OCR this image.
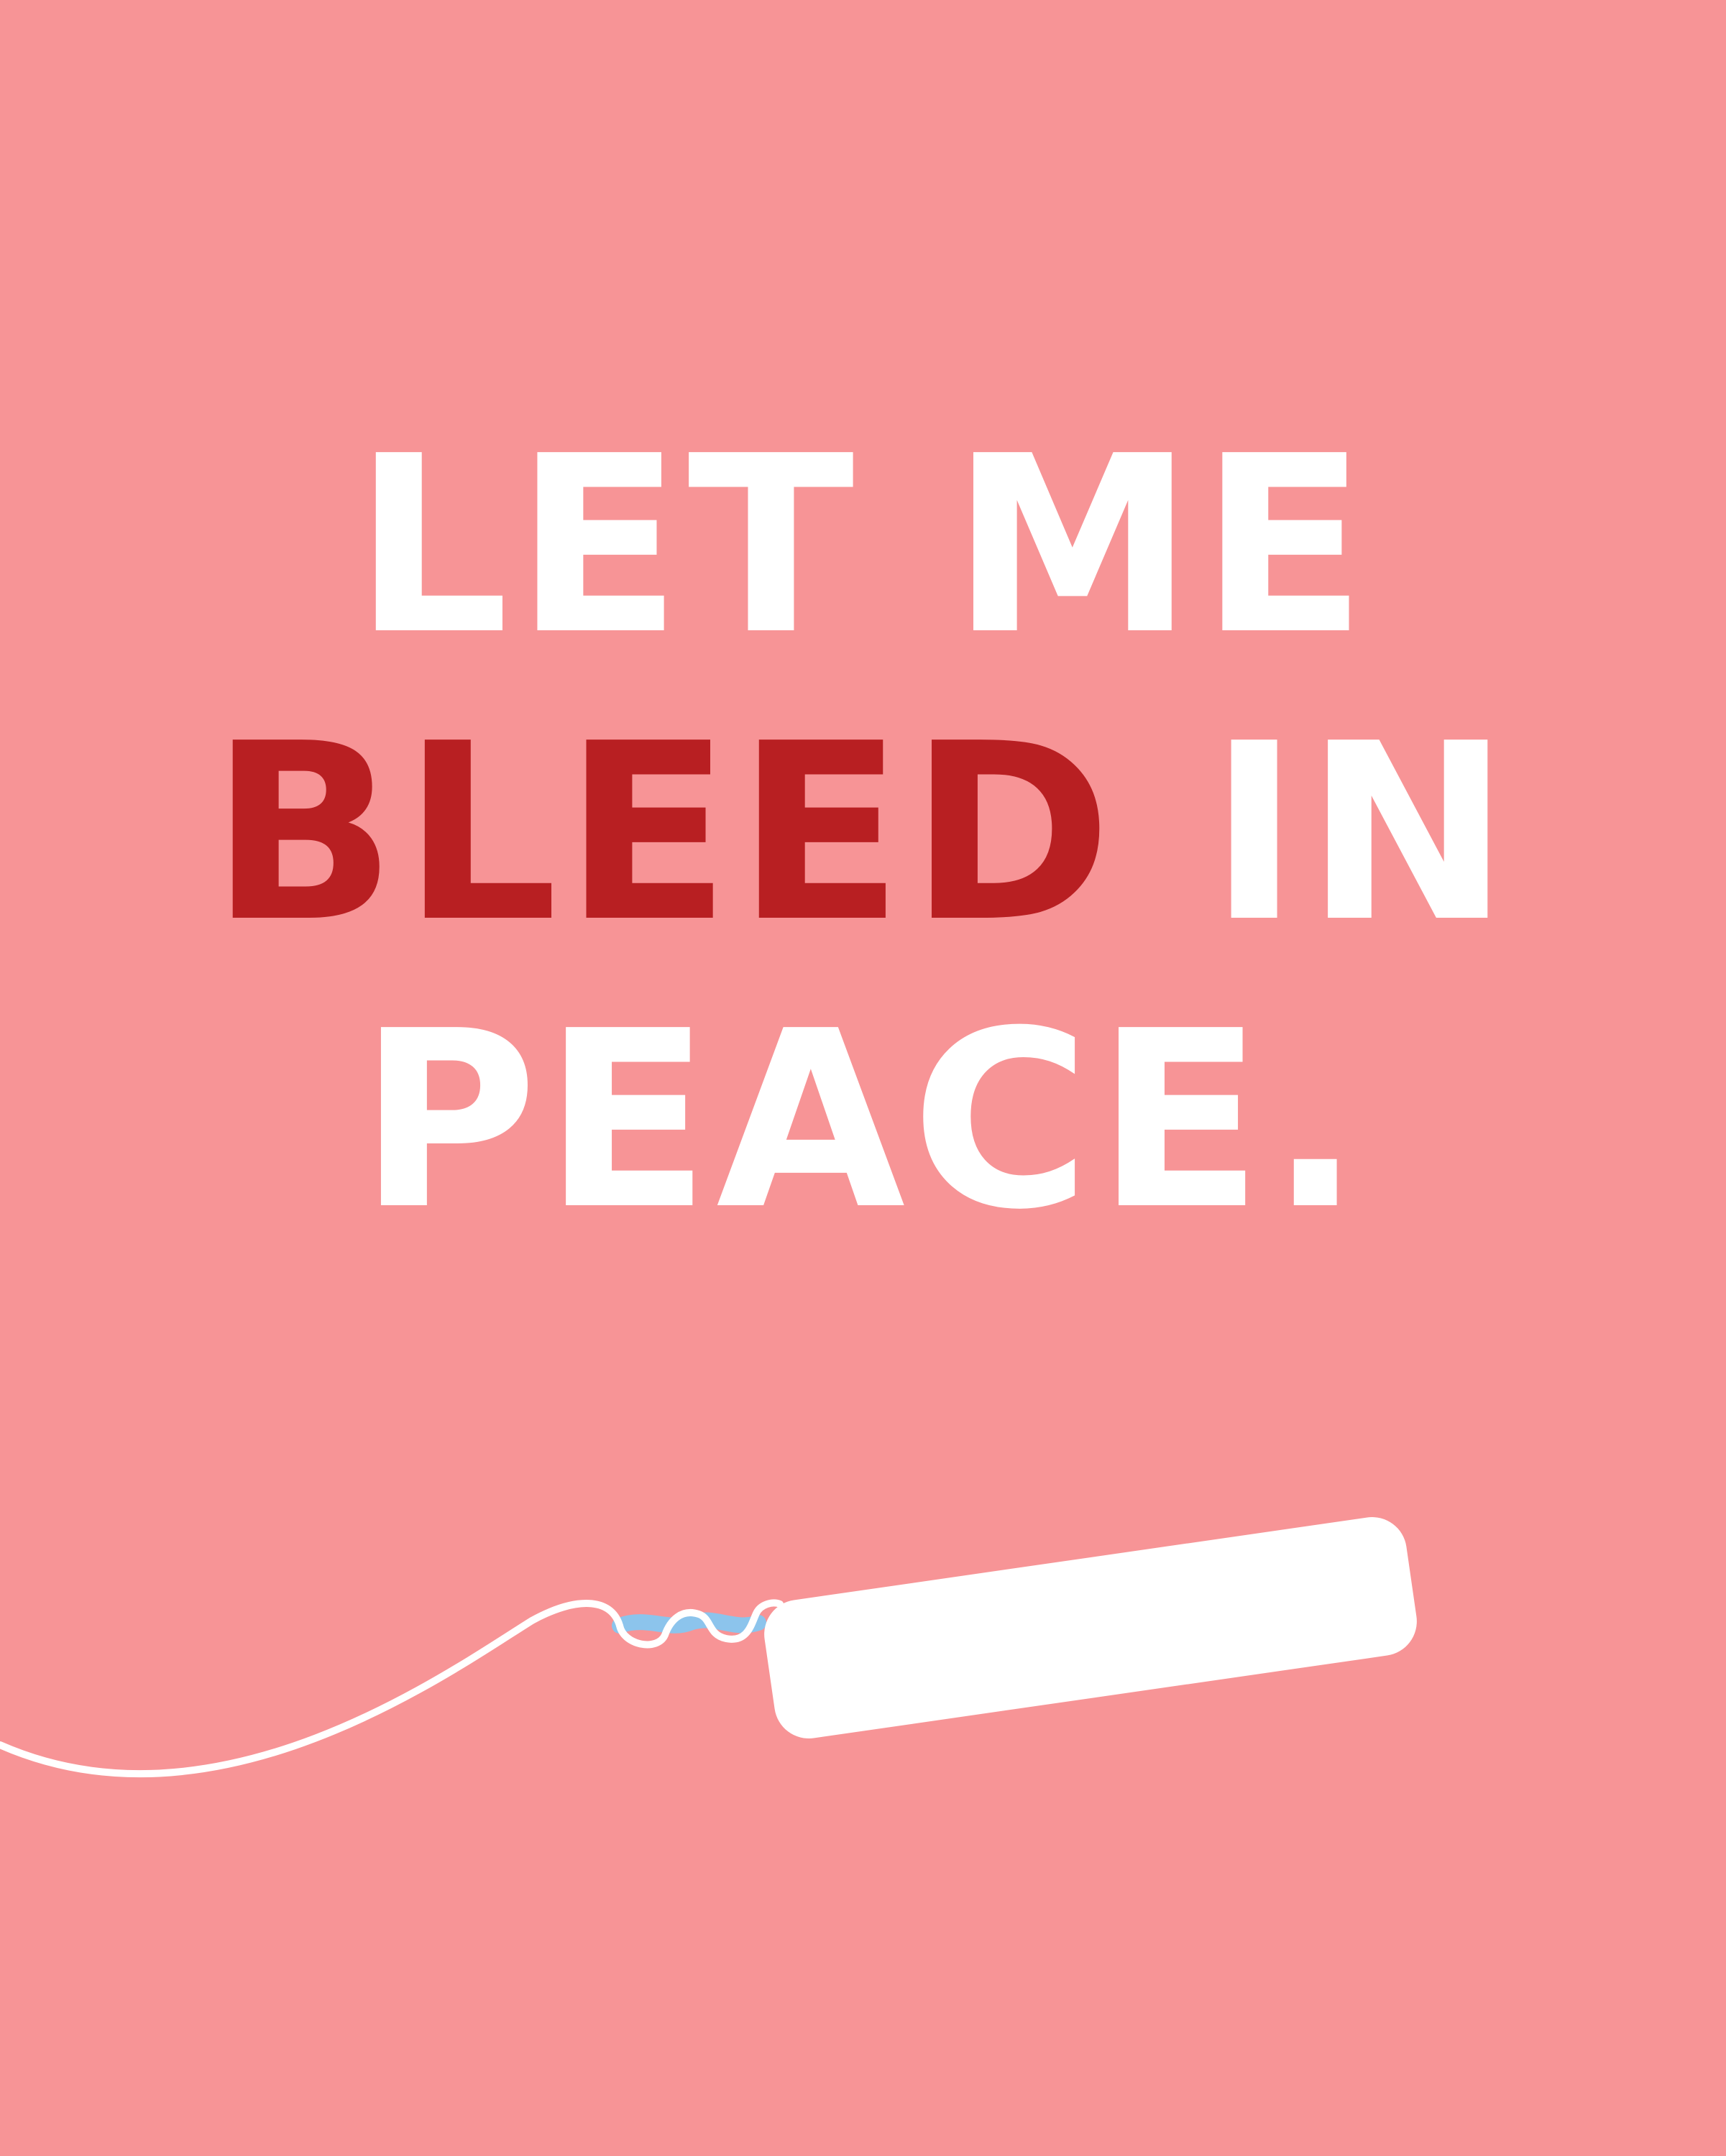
LET ME
BLEED IN
PEACE.
